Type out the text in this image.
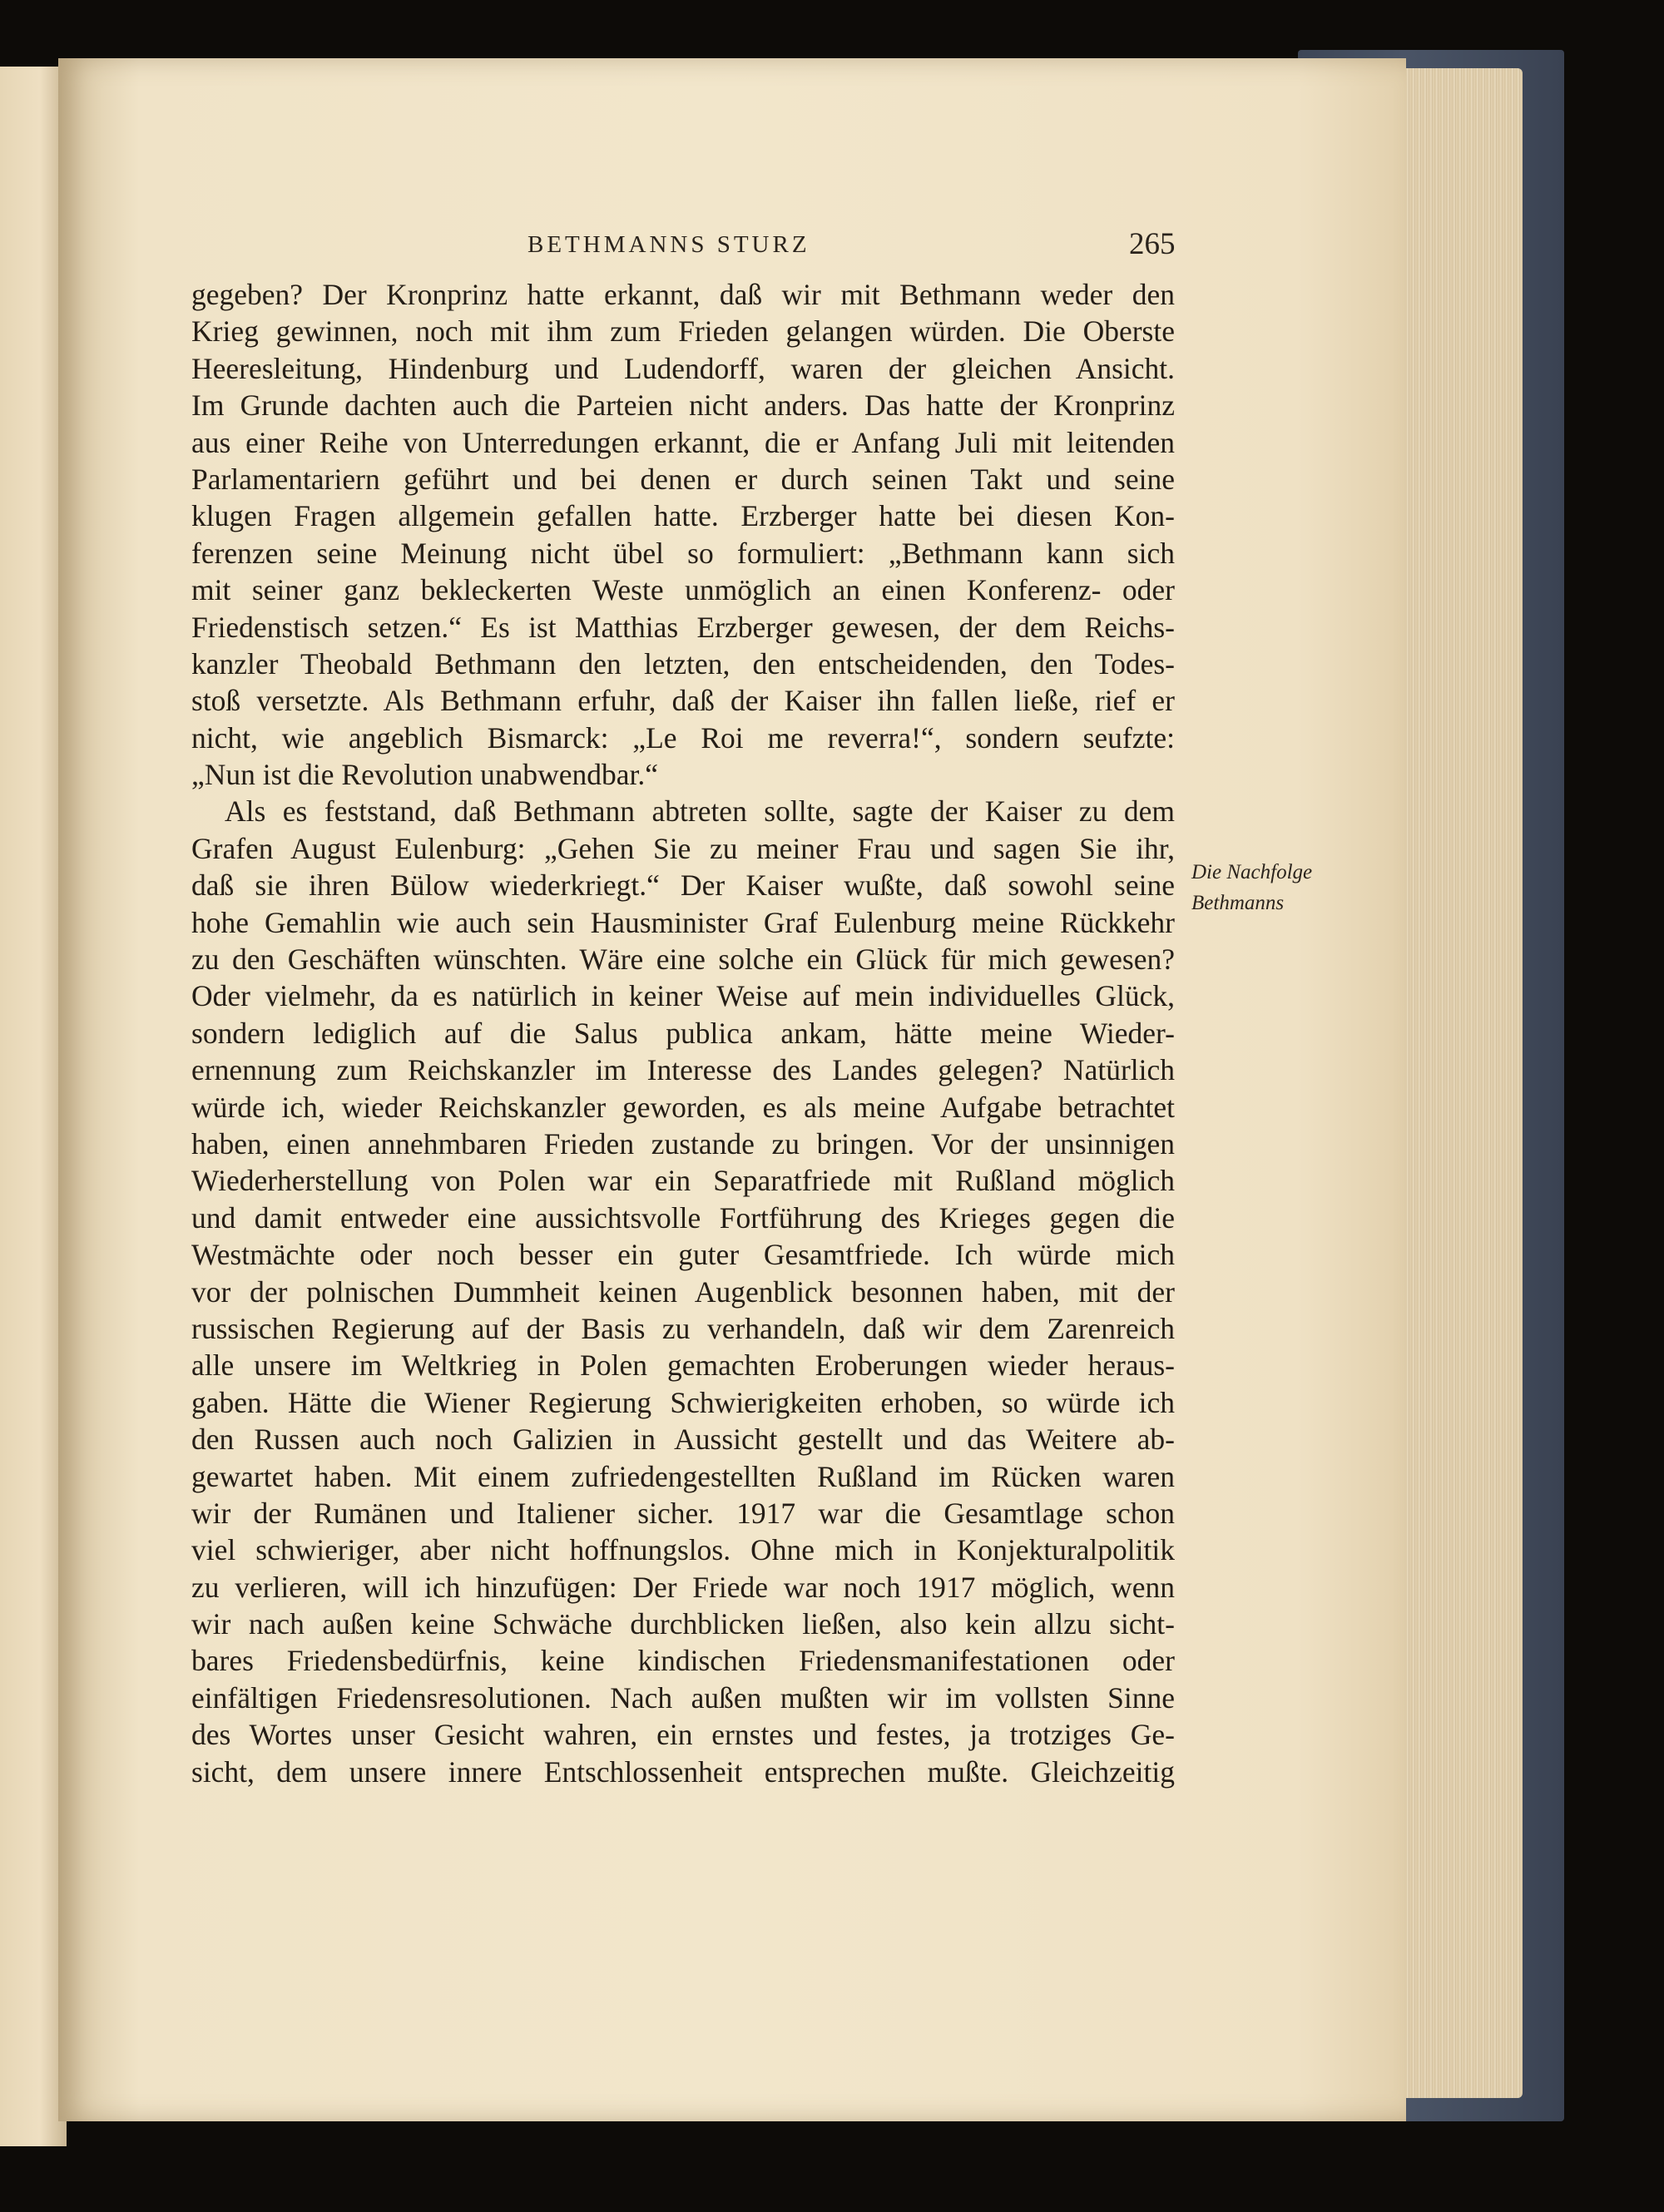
BETHMANNS STURZ	265
gegeben? Der Kronprinz hatte erkannt, daß wir mit Bethmann weder den
Krieg gewinnen, noch mit ihm zum Frieden gelangen würden. Die Oberste
Heeresleitung, Hindenburg und Ludendorff, waren der gleichen Ansicht.
Im Grunde dachten auch die Parteien nicht anders. Das hatte der Kronprinz
aus einer Reihe von Unterredungen erkannt, die er Anfang Juli mit leitenden
Parlamentariern geführt und bei denen er durch seinen Takt und seine
klugen Fragen allgemein gefallen hatte. Erzberger hatte bei diesen Kon-
ferenzen seine Meinung nicht übel so formuliert: „Bethmann kann sich
mit seiner ganz bekleckerten Weste unmöglich an einen Konferenz- oder
Friedenstisch setzen.“ Es ist Matthias Erzberger gewesen, der dem Reichs-
kanzler Theobald Bethmann den letzten, den entscheidenden, den Todes-
stoß versetzte. Als Bethmann erfuhr, daß der Kaiser ihn fallen ließe, rief er
nicht, wie angeblich Bismarck: „Le Roi me reverra!“, sondern seufzte:
„Nun ist die Revolution unabwendbar.“
Als es feststand, daß Bethmann abtreten sollte, sagte der Kaiser zu dem
Grafen August Eulenburg: „Gehen Sie zu meiner Frau und sagen Sie ihr,
daß sie ihren Bülow wiederkriegt.“ Der Kaiser wußte, daß sowohl seine
hohe Gemahlin wie auch sein Hausminister Graf Eulenburg meine Rückkehr
zu den Geschäften wünschten. Wäre eine solche ein Glück für mich gewesen?
Oder vielmehr, da es natürlich in keiner Weise auf mein individuelles Glück,
sondern lediglich auf die Salus publica ankam, hätte meine Wieder-
ernennung zum Reichskanzler im Interesse des Landes gelegen? Natürlich
würde ich, wieder Reichskanzler geworden, es als meine Aufgabe betrachtet
haben, einen annehmbaren Frieden zustande zu bringen. Vor der unsinnigen
Wiederherstellung von Polen war ein Separatfriede mit Rußland möglich
und damit entweder eine aussichtsvolle Fortführung des Krieges gegen die
Westmächte oder noch besser ein guter Gesamtfriede. Ich würde mich
vor der polnischen Dummheit keinen Augenblick besonnen haben, mit der
russischen Regierung auf der Basis zu verhandeln, daß wir dem Zarenreich
alle unsere im Weltkrieg in Polen gemachten Eroberungen wieder heraus-
gaben. Hätte die Wiener Regierung Schwierigkeiten erhoben, so würde ich
den Russen auch noch Galizien in Aussicht gestellt und das Weitere ab-
gewartet haben. Mit einem zufriedengestellten Rußland im Rücken waren
wir der Rumänen und Italiener sicher. 1917 war die Gesamtlage schon
viel schwieriger, aber nicht hoffnungslos. Ohne mich in Konjekturalpolitik
zu verlieren, will ich hinzufügen: Der Friede war noch 1917 möglich, wenn
wir nach außen keine Schwäche durchblicken ließen, also kein allzu sicht-
bares Friedensbedürfnis, keine kindischen Friedensmanifestationen oder
einfältigen Friedensresolutionen. Nach außen mußten wir im vollsten Sinne
des Wortes unser Gesicht wahren, ein ernstes und festes, ja trotziges Ge-
sicht, dem unsere innere Entschlossenheit entsprechen mußte. Gleichzeitig
Die Nachfolge
Bethmanns
